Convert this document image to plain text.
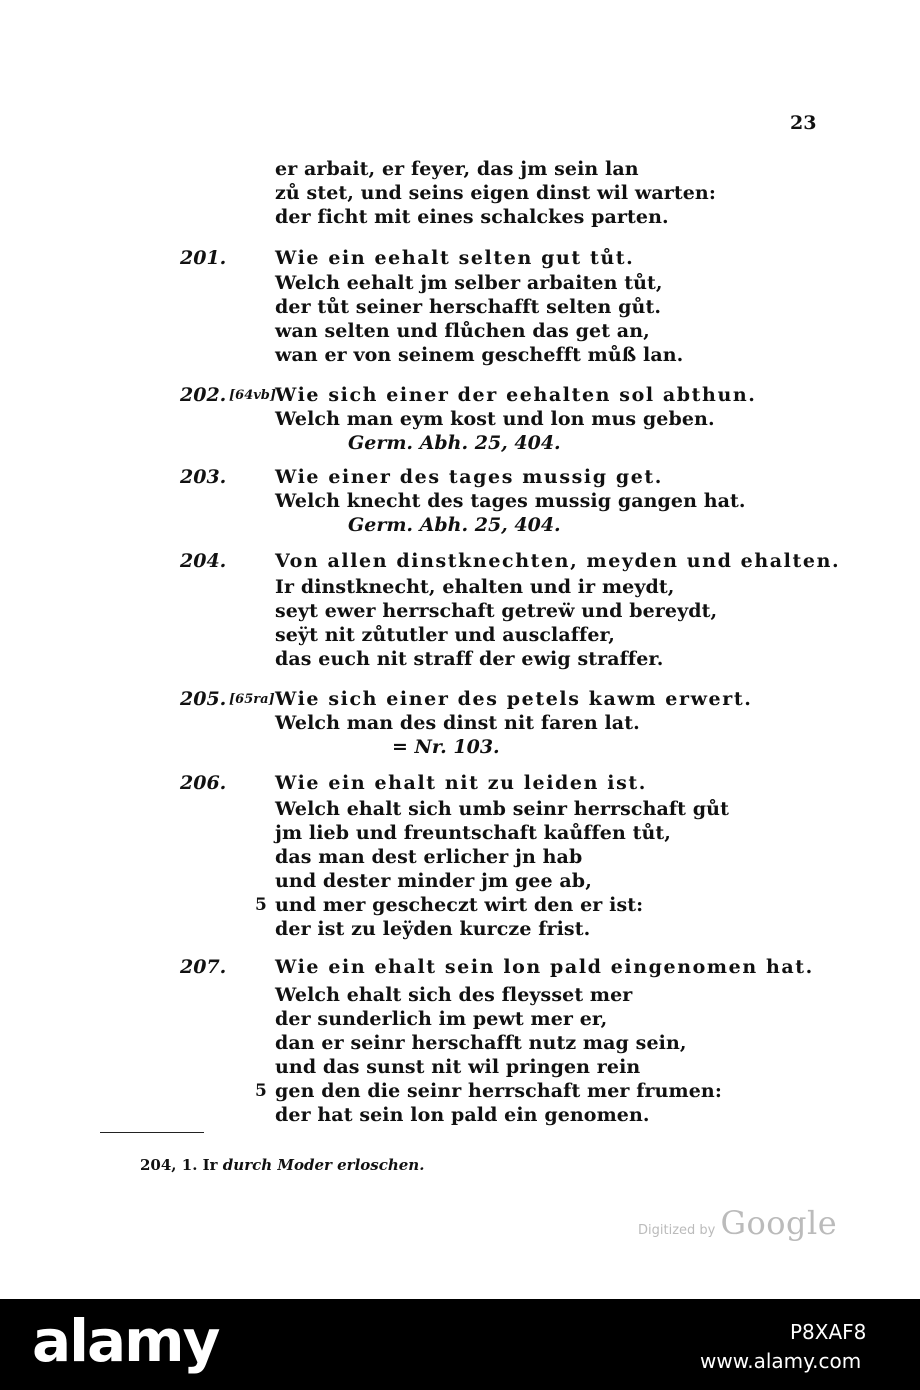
23
er arbait, er feyer, das jm sein lan
zů stet, und seins eigen dinst wil warten:
der ficht mit eines schalckes parten.
201.	Wie ein eehalt selten gut tůt.
Welch eehalt jm selber arbaiten tůt,
der tůt seiner herschafft selten gůt.
wan selten und flůchen das get an,
wan er von seinem geschefft můß lan.
202. [64vb]
Wie sich einer der eehalten sol abthun.
Welch man eym kost und lon mus geben.
Germ. Abh. 25, 404.
203.	Wie einer des tages mussig get.
Welch knecht des tages mussig gangen hat.
Germ. Abh. 25, 404.
204.	Von allen dinstknechten, meyden und ehalten.
Ir dinstknecht, ehalten und ir meydt,
seyt ewer herrschaft getreẅ und bereydt,
seÿt nit zůtutler und ausclaffer,
das euch nit straff der ewig straffer.
205. [65ra] Wie sich einer des petels kawm erwert.
Welch man des dinst nit faren lat.
= Nr. 103.
206.	Wie ein ehalt nit zu leiden ist.
Welch ehalt sich umb seinr herrschaft gůt
jm lieb und freuntschaft kaůffen tůt,
das man dest erlicher jn hab
und dester minder jm gee ab,
5 und mer gescheczt wirt den er ist:
der ist zu leÿden kurcze frist.
207.	Wie ein ehalt sein lon pald eingenomen hat.
Welch ehalt sich des fleysset mer
der sunderlich im pewt mer er,
dan er seinr herschafft nutz mag sein,
und das sunst nit wil pringen rein
5 gen den die seinr herrschaft mer frumen:
der hat sein lon pald ein genomen.
204, 1. Ir durch Moder erloschen.
Digitized by Google
alamy	P8XAF8
www.alamy.com
